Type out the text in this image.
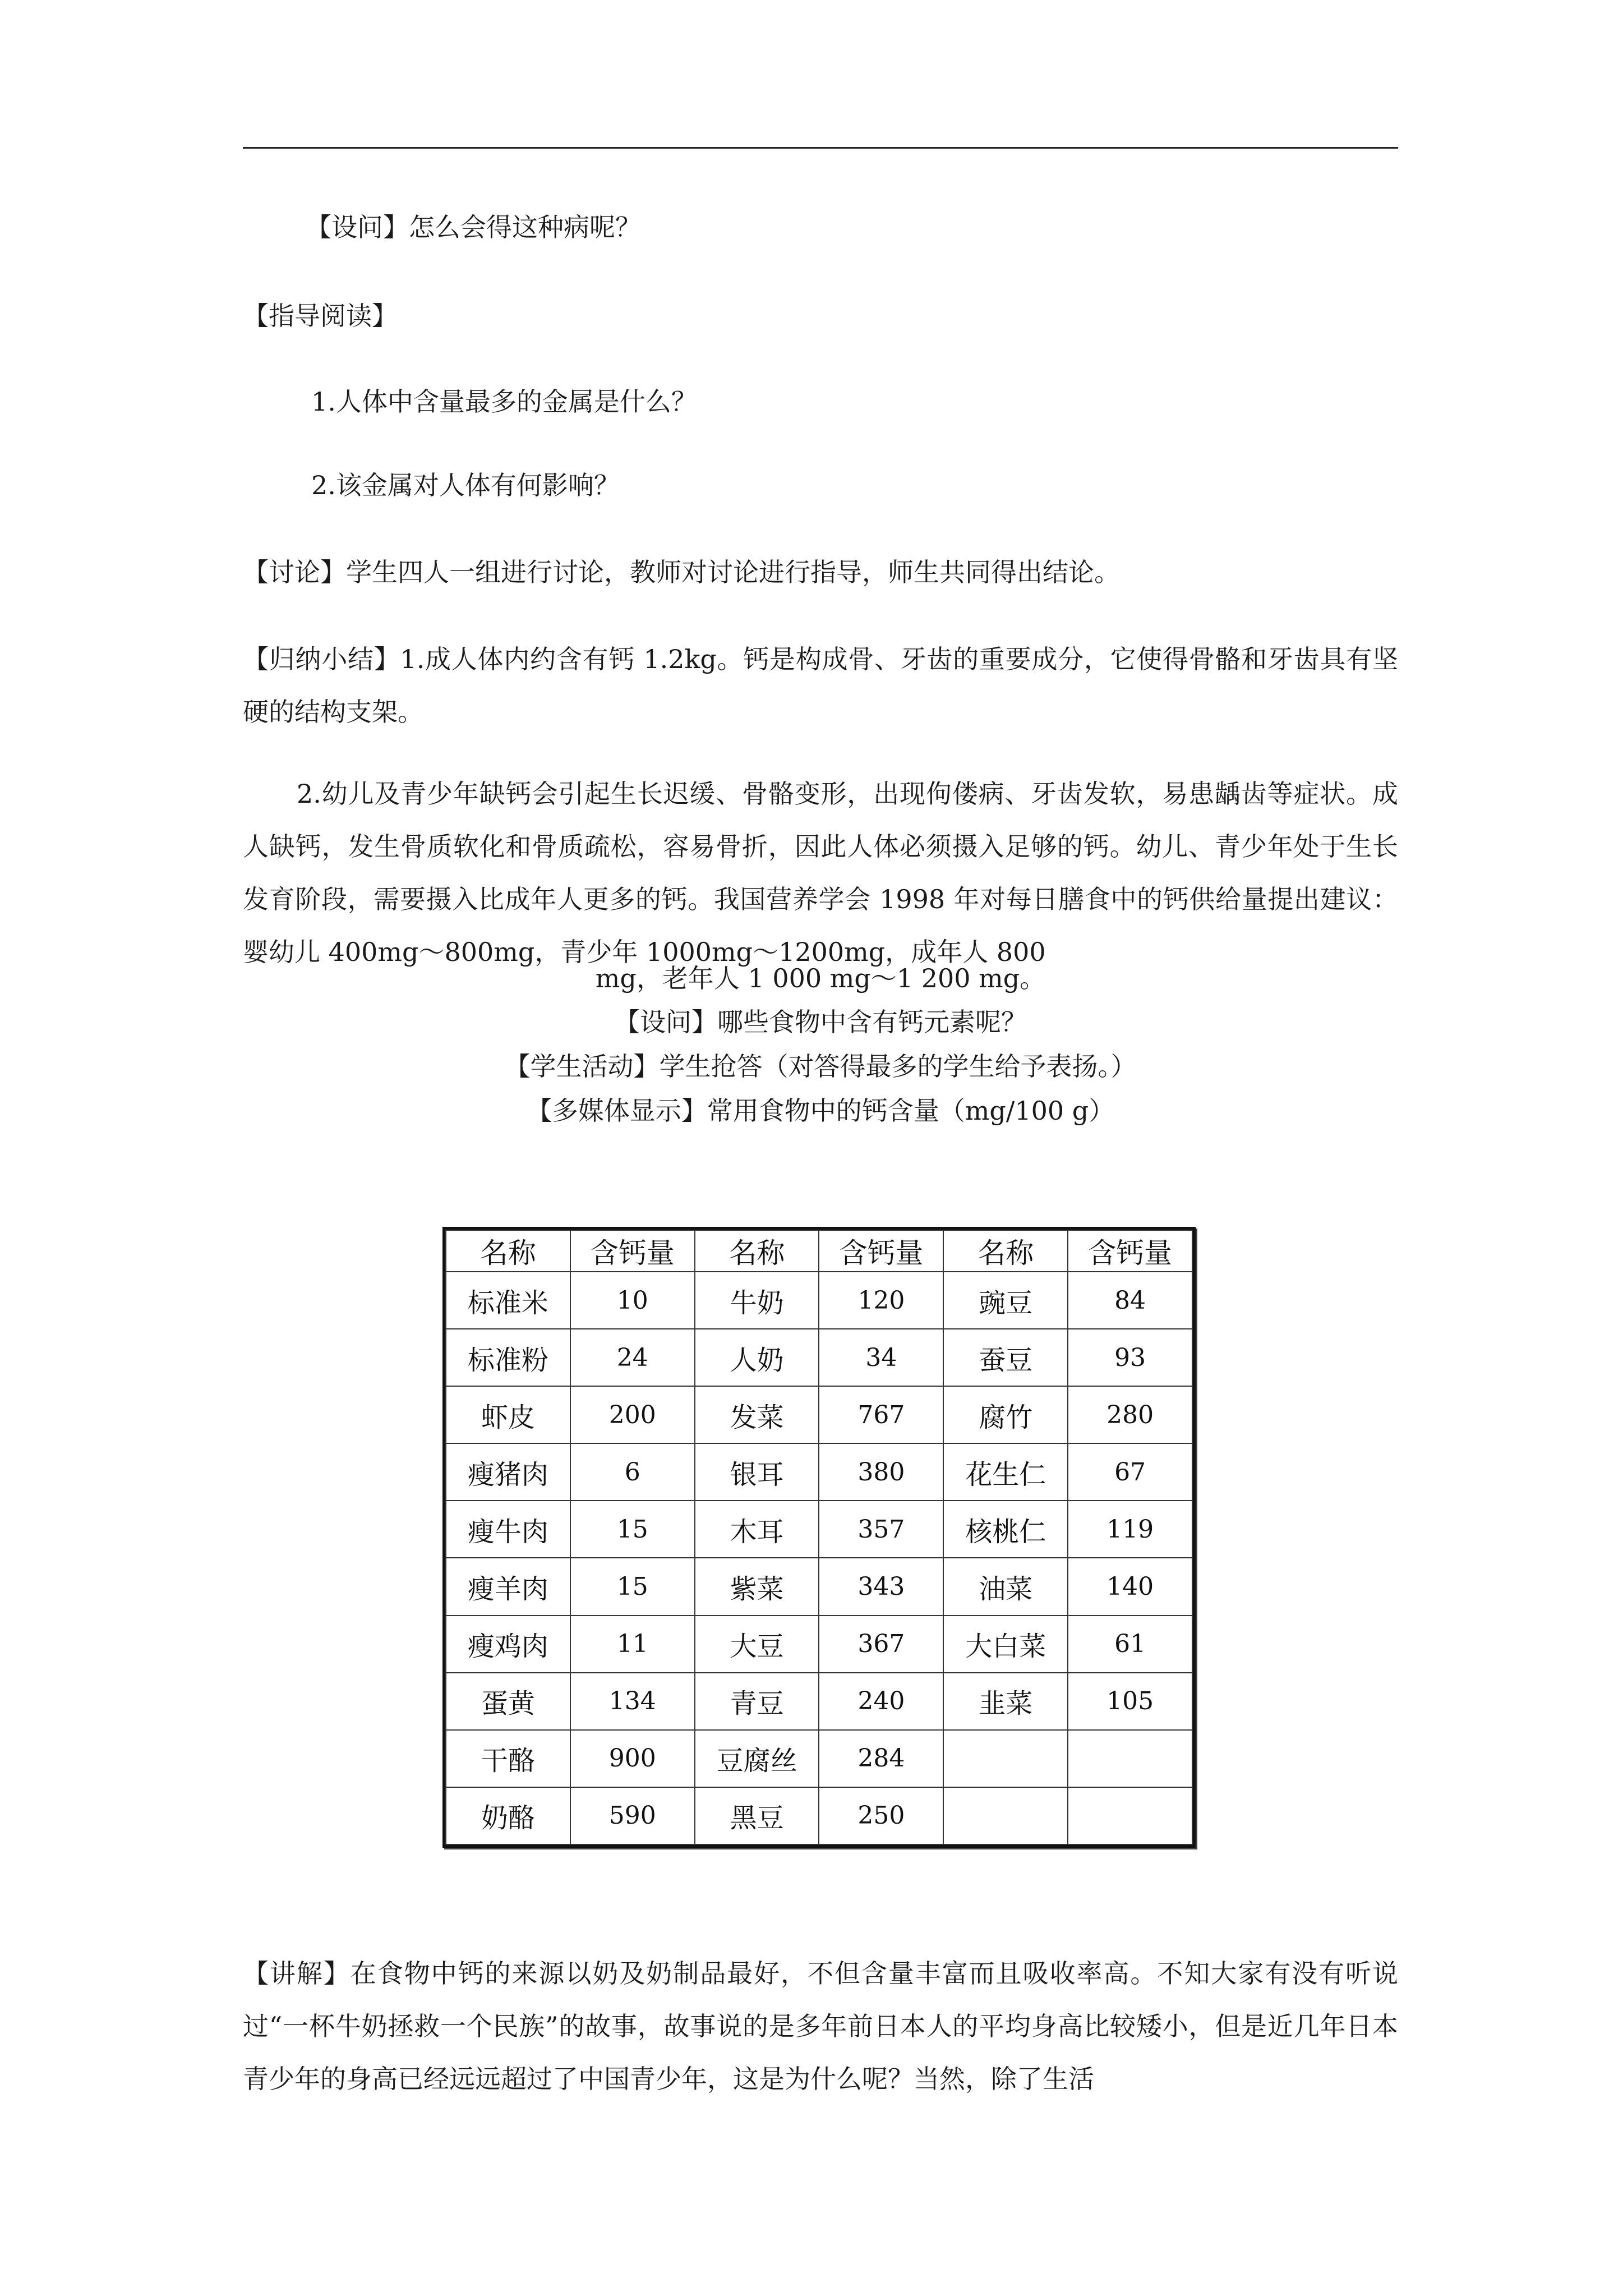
【设问】怎么会得这种病呢？

【指导阅读】

1.人体中含量最多的金属是什么？

2.该金属对人体有何影响？

【讨论】学生四人一组进行讨论，教师对讨论进行指导，师生共同得出结论。

【归纳小结】1.成人体内约含有钙 1.2kg。钙是构成骨、牙齿的重要成分，它使得骨骼和牙齿具有坚硬的结构支架。

2.幼儿及青少年缺钙会引起生长迟缓、骨骼变形，出现佝偻病、牙齿发软，易患龋齿等症状。成人缺钙，发生骨质软化和骨质疏松，容易骨折，因此人体必须摄入足够的钙。幼儿、青少年处于生长发育阶段，需要摄入比成年人更多的钙。我国营养学会 1998 年对每日膳食中的钙供给量提出建议：婴幼儿 400mg～800mg，青少年 1000mg～1200mg，成年人 800

mg，老年人 1 000 mg～1 200 mg。

【设问】哪些食物中含有钙元素呢？

【学生活动】学生抢答（对答得最多的学生给予表扬。）

【多媒体显示】常用食物中的钙含量（mg/100 g）

名称	含钙量	名称	含钙量	名称	含钙量
标准米	10	牛奶	120	豌豆	84
标准粉	24	人奶	34	蚕豆	93
虾皮	200	发菜	767	腐竹	280
瘦猪肉	6	银耳	380	花生仁	67
瘦牛肉	15	木耳	357	核桃仁	119
瘦羊肉	15	紫菜	343	油菜	140
瘦鸡肉	11	大豆	367	大白菜	61
蛋黄	134	青豆	240	韭菜	105
干酪	900	豆腐丝	284		
奶酪	590	黑豆	250		

【讲解】在食物中钙的来源以奶及奶制品最好，不但含量丰富而且吸收率高。不知大家有没有听说过“一杯牛奶拯救一个民族”的故事，故事说的是多年前日本人的平均身高比较矮小，但是近几年日本青少年的身高已经远远超过了中国青少年，这是为什么呢？当然，除了生活
